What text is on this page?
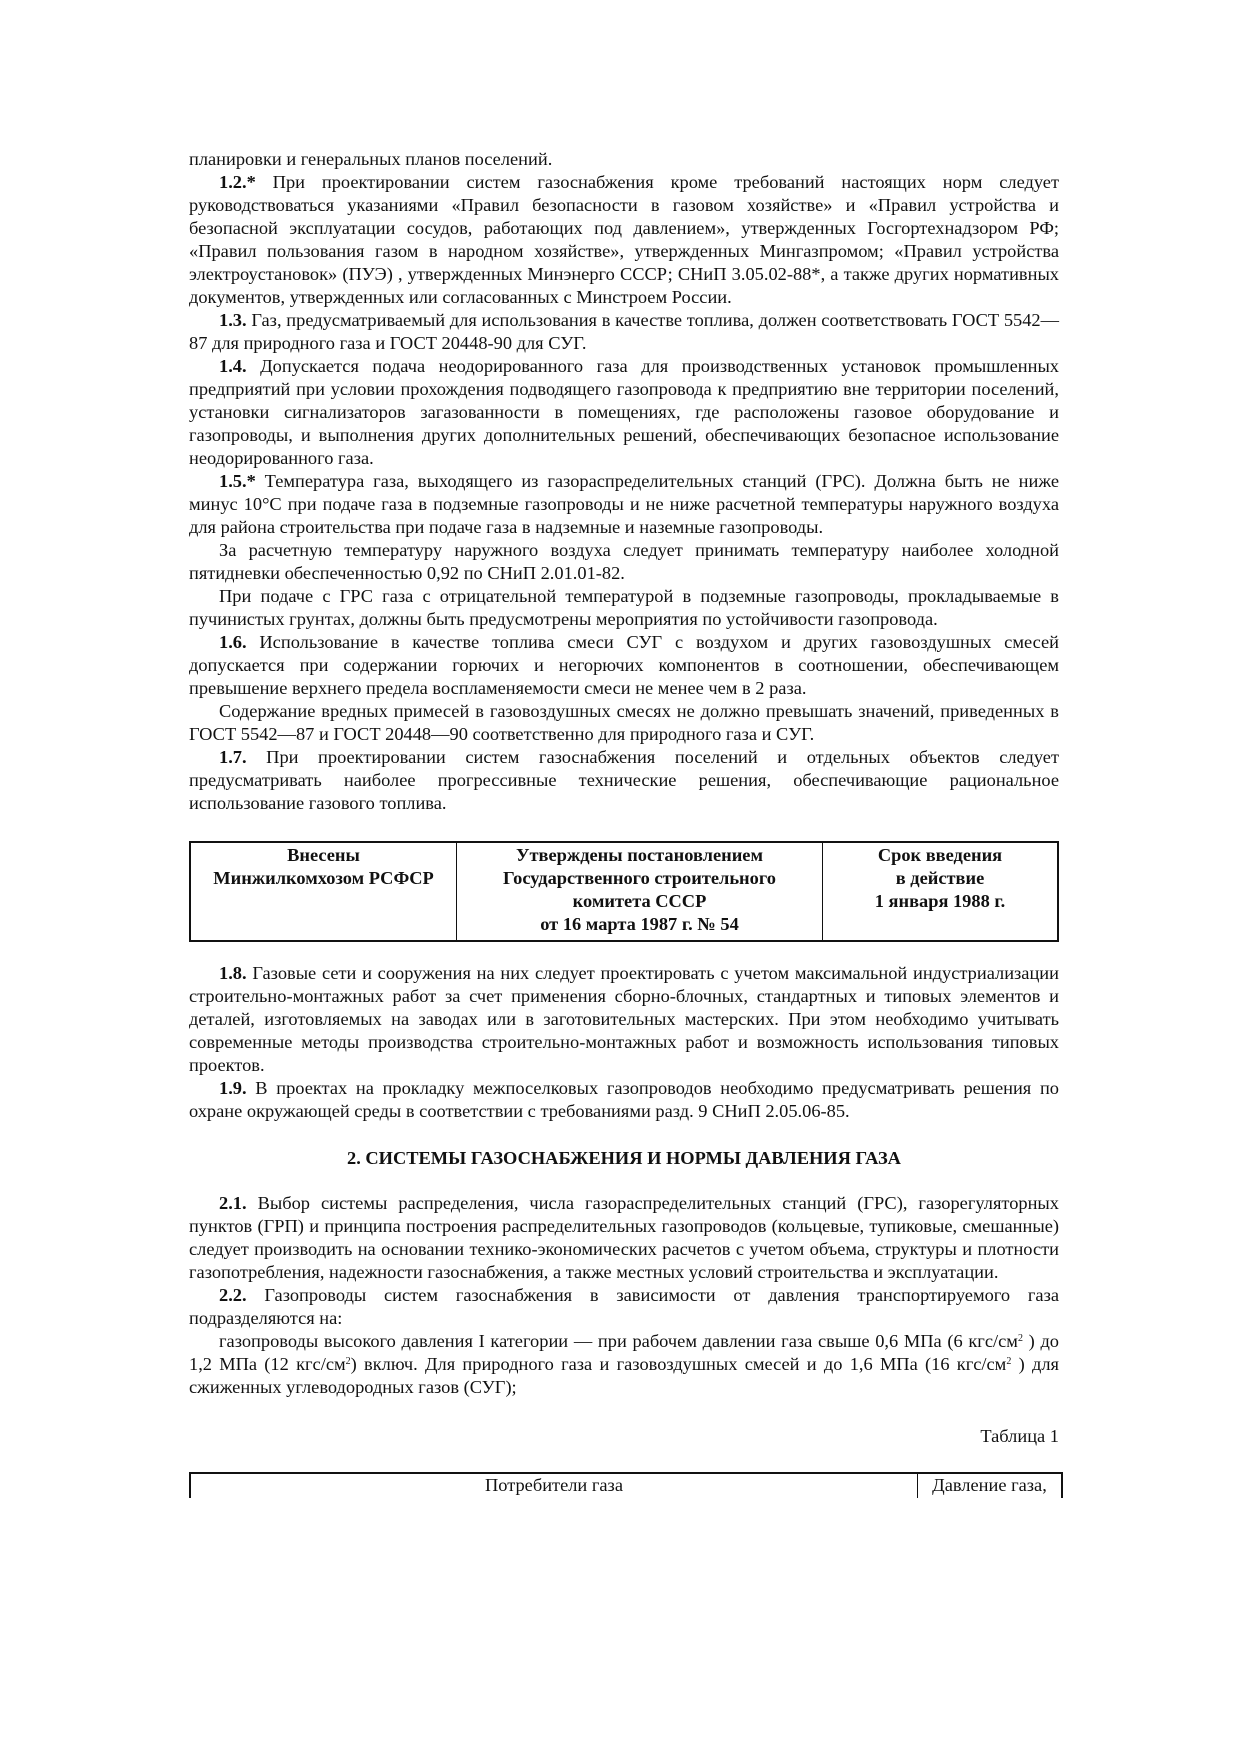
планировки и генеральных планов поселений.

1.2.* При проектировании систем газоснабжения кроме требований настоящих норм следует руководствоваться указаниями «Правил безопасности в газовом хозяйстве» и «Правил устройства и безопасной эксплуатации сосудов, работающих под давлением», утвержденных Госгортехнадзором РФ; «Правил пользования газом в народном хозяйстве», утвержденных Мингазпромом; «Правил устройства электроустановок» (ПУЭ) , утвержденных Минэнерго СССР; СНиП 3.05.02-88*, а также других нормативных документов, утвержденных или согласованных с Минстроем России.

1.3. Газ, предусматриваемый для использования в качестве топлива, должен соответствовать ГОСТ 5542—87 для природного газа и ГОСТ 20448-90 для СУГ.

1.4. Допускается подача неодорированного газа для производственных установок промышленных предприятий при условии прохождения подводящего газопровода к предприятию вне территории поселений, установки сигнализаторов загазованности в помещениях, где расположены газовое оборудование и газопроводы, и выполнения других дополнительных решений, обеспечивающих безопасное использование неодорированного газа.

1.5.* Температура газа, выходящего из газораспределительных станций (ГРС). Должна быть не ниже минус 10°С при подаче газа в подземные газопроводы и не ниже расчетной температуры наружного воздуха для района строительства при подаче газа в надземные и наземные газопроводы.

За расчетную температуру наружного воздуха следует принимать температуру наиболее холодной пятидневки обеспеченностью 0,92 по СНиП 2.01.01-82.

При подаче с ГРС газа с отрицательной температурой в подземные газопроводы, прокладываемые в пучинистых грунтах, должны быть предусмотрены мероприятия по устойчивости газопровода.

1.6. Использование в качестве топлива смеси СУГ с воздухом и других газовоздушных смесей допускается при содержании горючих и негорючих компонентов в соотношении, обеспечивающем превышение верхнего предела воспламеняемости смеси не менее чем в 2 раза.

Содержание вредных примесей в газовоздушных смесях не должно превышать значений, приведенных в ГОСТ 5542—87 и ГОСТ 20448—90 соответственно для природного газа и СУГ.

1.7. При проектировании систем газоснабжения поселений и отдельных объектов следует предусматривать наиболее прогрессивные технические решения, обеспечивающие рациональное использование газового топлива.

Внесены
Минжилкомхозом РСФСР
Утверждены постановлением
Государственного строительного
комитета СССР
от 16 марта 1987 г. № 54
Срок введения
в действие
1 января 1988 г.

1.8. Газовые сети и сооружения на них следует проектировать с учетом максимальной индустриализации строительно-монтажных работ за счет применения сборно-блочных, стандартных и типовых элементов и деталей, изготовляемых на заводах или в заготовительных мастерских. При этом необходимо учитывать современные методы производства строительно-монтажных работ и возможность использования типовых проектов.

1.9. В проектах на прокладку межпоселковых газопроводов необходимо предусматривать решения по охране окружающей среды в соответствии с требованиями разд. 9 СНиП 2.05.06-85.

2. СИСТЕМЫ ГАЗОСНАБЖЕНИЯ И НОРМЫ ДАВЛЕНИЯ ГАЗА

2.1. Выбор системы распределения, числа газораспределительных станций (ГРС), газорегуляторных пунктов (ГРП) и принципа построения распределительных газопроводов (кольцевые, тупиковые, смешанные) следует производить на основании технико-экономических расчетов с учетом объема, структуры и плотности газопотребления, надежности газоснабжения, а также местных условий строительства и эксплуатации.

2.2. Газопроводы систем газоснабжения в зависимости от давления транспортируемого газа подразделяются на:

газопроводы высокого давления I категории — при рабочем давлении газа свыше 0,6 МПа (6 кгс/$см^2$ ) до 1,2 МПа (12 кгс/$см^2$) включ. Для природного газа и газовоздушных смесей и до 1,6 МПа (16 кгс/$см^2$ ) для сжиженных углеводородных газов (СУГ);

Таблица 1
Потребители газа	Давление газа,
